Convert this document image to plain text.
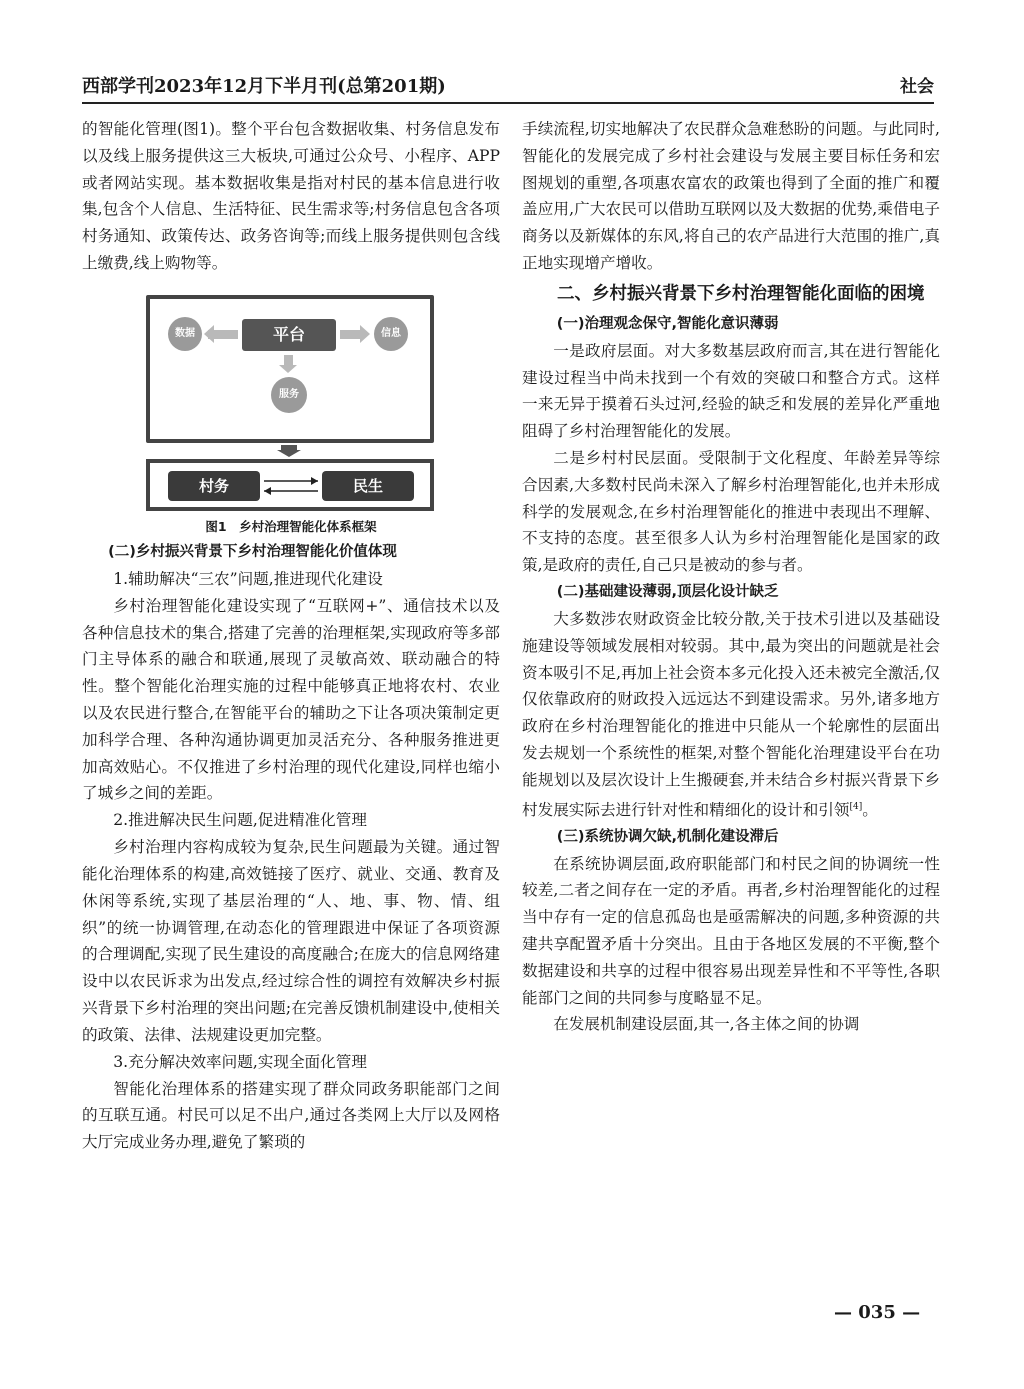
西部学刊2023年12月下半月刊(总第201期)	社会

的智能化管理(图1)。整个平台包含数据收集、村务信息发布以及线上服务提供这三大板块,可通过公众号、小程序、APP或者网站实现。基本数据收集是指对村民的基本信息进行收集,包含个人信息、生活特征、民生需求等;村务信息包含各项村务通知、政策传达、政务咨询等;而线上服务提供则包含线上缴费,线上购物等。

数据	平台	信息
服务
村务	民生
图1　乡村治理智能化体系框架
(二)乡村振兴背景下乡村治理智能化价值体现
1.辅助解决“三农”问题,推进现代化建设

乡村治理智能化建设实现了“互联网+”、通信技术以及各种信息技术的集合,搭建了完善的治理框架,实现政府等多部门主导体系的融合和联通,展现了灵敏高效、联动融合的特性。整个智能化治理实施的过程中能够真正地将农村、农业以及农民进行整合,在智能平台的辅助之下让各项决策制定更加科学合理、各种沟通协调更加灵活充分、各种服务推进更加高效贴心。不仅推进了乡村治理的现代化建设,同样也缩小了城乡之间的差距。

2.推进解决民生问题,促进精准化管理

乡村治理内容构成较为复杂,民生问题最为关键。通过智能化治理体系的构建,高效链接了医疗、就业、交通、教育及休闲等系统,实现了基层治理的“人、地、事、物、情、组织”的统一协调管理,在动态化的管理跟进中保证了各项资源的合理调配,实现了民生建设的高度融合;在庞大的信息网络建设中以农民诉求为出发点,经过综合性的调控有效解决乡村振兴背景下乡村治理的突出问题;在完善反馈机制建设中,使相关的政策、法律、法规建设更加完整。

3.充分解决效率问题,实现全面化管理

智能化治理体系的搭建实现了群众同政务职能部门之间的互联互通。村民可以足不出户,通过各类网上大厅以及网格大厅完成业务办理,避免了繁琐的

手续流程,切实地解决了农民群众急难愁盼的问题。与此同时,智能化的发展完成了乡村社会建设与发展主要目标任务和宏图规划的重塑,各项惠农富农的政策也得到了全面的推广和覆盖应用,广大农民可以借助互联网以及大数据的优势,乘借电子商务以及新媒体的东风,将自己的农产品进行大范围的推广,真正地实现增产增收。

二、乡村振兴背景下乡村治理智能化面临的困境
(一)治理观念保守,智能化意识薄弱

一是政府层面。对大多数基层政府而言,其在进行智能化建设过程当中尚未找到一个有效的突破口和整合方式。这样一来无异于摸着石头过河,经验的缺乏和发展的差异化严重地阻碍了乡村治理智能化的发展。

二是乡村村民层面。受限制于文化程度、年龄差异等综合因素,大多数村民尚未深入了解乡村治理智能化,也并未形成科学的发展观念,在乡村治理智能化的推进中表现出不理解、不支持的态度。甚至很多人认为乡村治理智能化是国家的政策,是政府的责任,自己只是被动的参与者。

(二)基础建设薄弱,顶层化设计缺乏

大多数涉农财政资金比较分散,关于技术引进以及基础设施建设等领域发展相对较弱。其中,最为突出的问题就是社会资本吸引不足,再加上社会资本多元化投入还未被完全激活,仅仅依靠政府的财政投入远远达不到建设需求。另外,诸多地方政府在乡村治理智能化的推进中只能从一个轮廓性的层面出发去规划一个系统性的框架,对整个智能化治理建设平台在功能规划以及层次设计上生搬硬套,并未结合乡村振兴背景下乡村发展实际去进行针对性和精细化的设计和引领[4]。

(三)系统协调欠缺,机制化建设滞后

在系统协调层面,政府职能部门和村民之间的协调统一性较差,二者之间存在一定的矛盾。再者,乡村治理智能化的过程当中存有一定的信息孤岛也是亟需解决的问题,多种资源的共建共享配置矛盾十分突出。且由于各地区发展的不平衡,整个数据建设和共享的过程中很容易出现差异性和不平等性,各职能部门之间的共同参与度略显不足。

在发展机制建设层面,其一,各主体之间的协调

— 035 —
